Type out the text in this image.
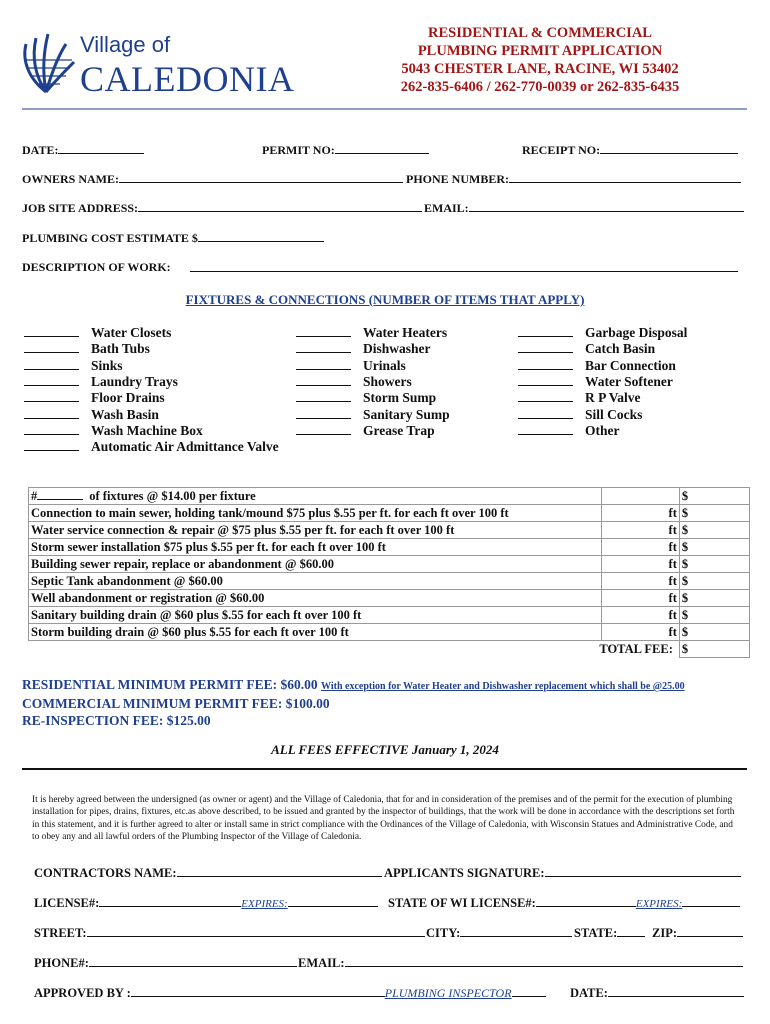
Village of
CALEDONIA
RESIDENTIAL & COMMERCIAL
PLUMBING PERMIT APPLICATION
5043 CHESTER LANE, RACINE, WI 53402
262-835-6406 / 262-770-0039 or 262-835-6435
DATE:	PERMIT NO:	RECEIPT NO:
OWNERS NAME:	PHONE NUMBER:
JOB SITE ADDRESS:	EMAIL:
PLUMBING COST ESTIMATE $
DESCRIPTION OF WORK:
FIXTURES & CONNECTIONS (NUMBER OF ITEMS THAT APPLY)
Water Closets
Bath Tubs
Sinks
Laundry Trays
Floor Drains
Wash Basin
Wash Machine Box
Automatic Air Admittance Valve
Water Heaters
Dishwasher
Urinals
Showers
Storm Sump
Sanitary Sump
Grease Trap
Garbage Disposal
Catch Basin
Bar Connection
Water Softener
R P Valve
Sill Cocks
Other
# of fixtures @ $14.00 per fixture		$
Connection to main sewer, holding tank/mound $75 plus $.55 per ft. for each ft over 100 ft	ft	$
Water service connection & repair @ $75 plus $.55 per ft. for each ft over 100 ft	ft	$
Storm sewer installation $75 plus $.55 per ft. for each ft over 100 ft	ft	$
Building sewer repair, replace or abandonment @ $60.00	ft	$
Septic Tank abandonment @ $60.00	ft	$
Well abandonment or registration @ $60.00	ft	$
Sanitary building drain @ $60 plus $.55 for each ft over 100 ft	ft	$
Storm building drain @ $60 plus $.55 for each ft over 100 ft	ft	$
TOTAL FEE:		$
RESIDENTIAL MINIMUM PERMIT FEE: $60.00 With exception for Water Heater and Dishwasher replacement which shall be @25.00
COMMERCIAL MINIMUM PERMIT FEE: $100.00
RE-INSPECTION FEE: $125.00
ALL FEES EFFECTIVE January 1, 2024
It is hereby agreed between the undersigned (as owner or agent) and the Village of Caledonia, that for and in consideration of the premises and of the permit for the execution of plumbing installation for pipes, drains, fixtures, etc.as above described, to be issued and granted by the inspector of buildings, that the work will be done in accordance with the descriptions set forth in this statement, and it is further agreed to alter or install same in strict compliance with the Ordinances of the Village of Caledonia, with Wisconsin Statues and Administrative Code, and to obey any and all lawful orders of the Plumbing Inspector of the Village of Caledonia.
CONTRACTORS NAME:	APPLICANTS SIGNATURE:
LICENSE#:	EXPIRES:	STATE OF WI LICENSE#:	EXPIRES:
STREET:	CITY:	STATE:	ZIP:
PHONE#:	EMAIL:
APPROVED BY :	PLUMBING INSPECTOR	DATE:
